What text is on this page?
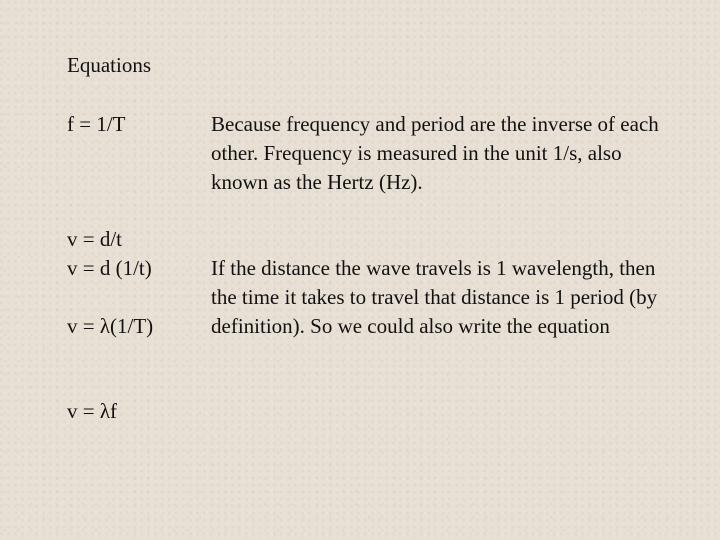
Equations
f = 1/T	Because frequency and period are the inverse of each other. Frequency is measured in the unit 1/s, also known as the Hertz (Hz).
v = d/t
v = d (1/t)	If the distance the wave travels is 1 wavelength, then the time it takes to travel that distance is 1 period (by definition). So we could also write the equation
v = λ(1/T)
v = λf
